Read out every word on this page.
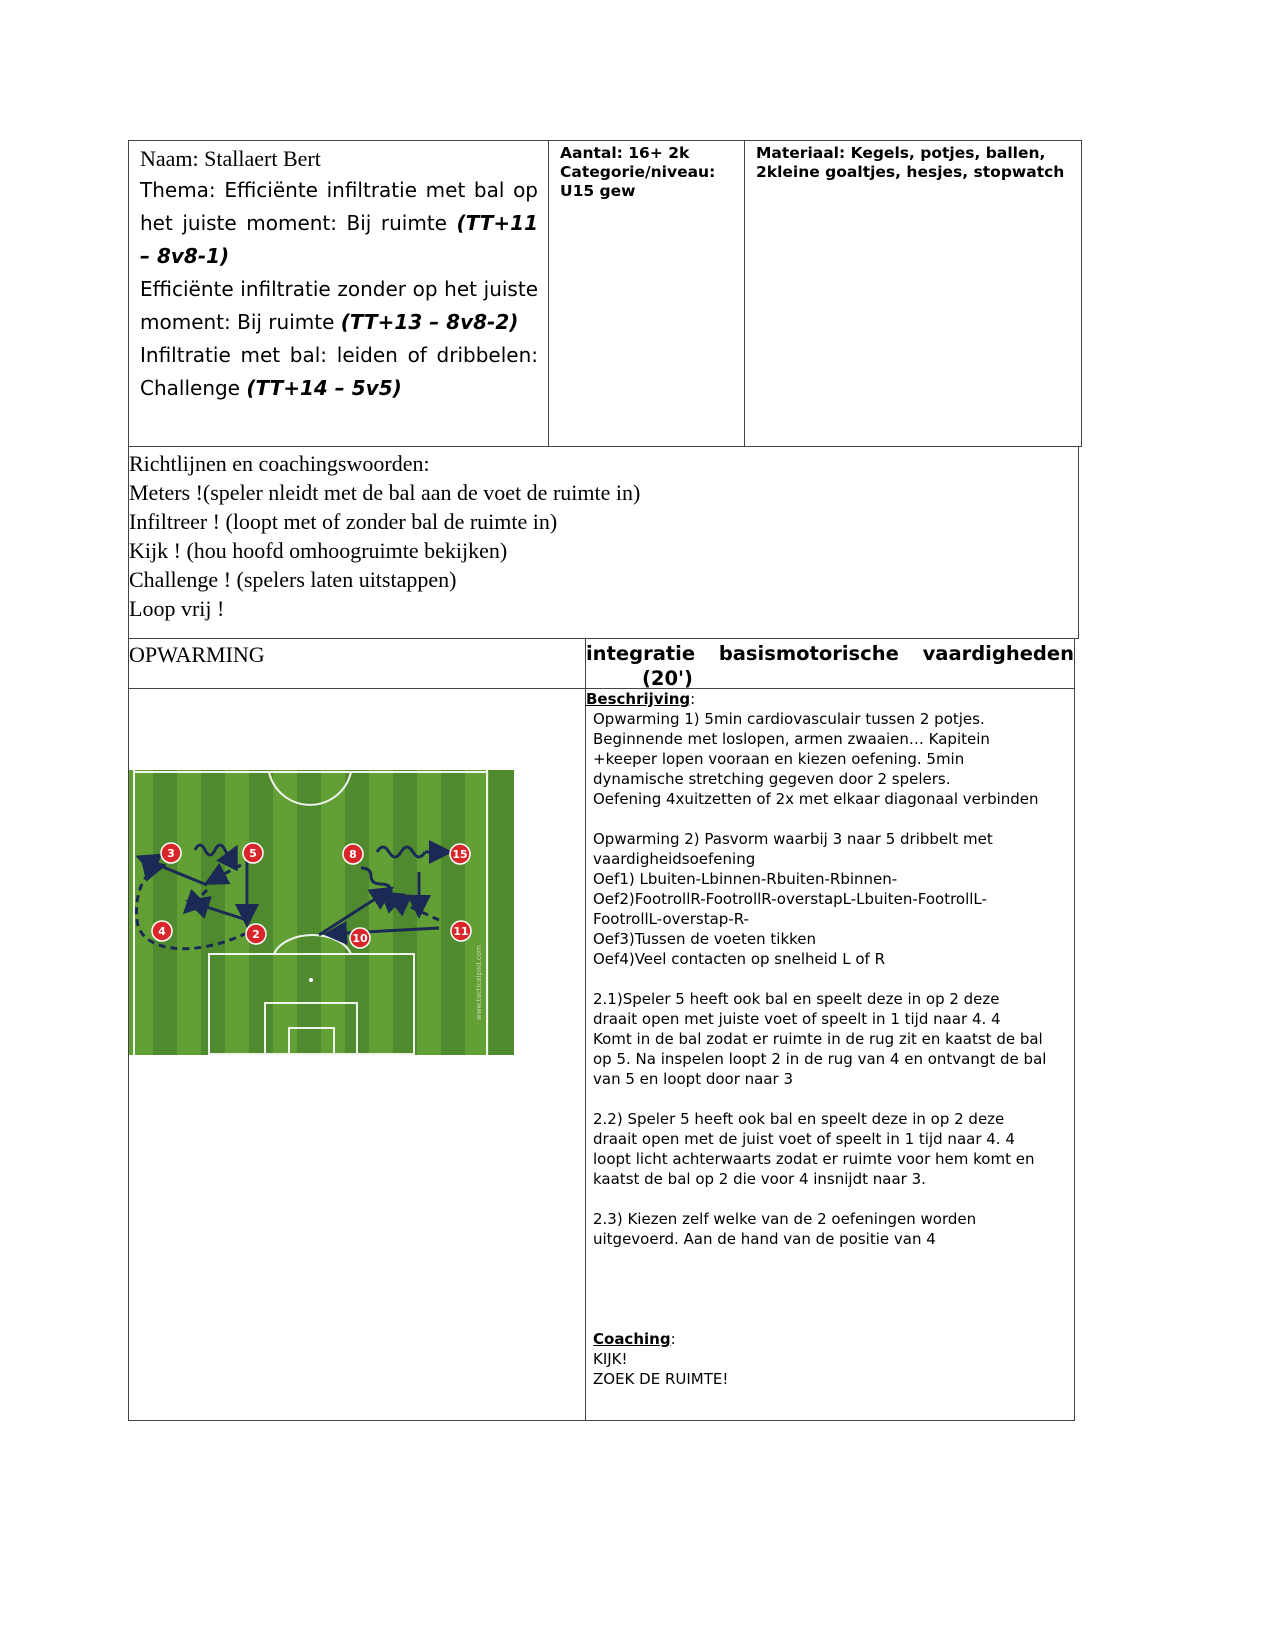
Naam: Stallaert Bert
Thema: Efficiënte infiltratie met bal op het juiste moment: Bij ruimte (TT+11 – 8v8-1)
Efficiënte infiltratie zonder op het juiste moment: Bij ruimte (TT+13 – 8v8-2)
Infiltratie met bal: leiden of dribbelen: Challenge (TT+14 – 5v5)
Aantal: 16+ 2k
Categorie/niveau:
U15 gew
Materiaal: Kegels, potjes, ballen, 2kleine goaltjes, hesjes, stopwatch
Richtlijnen en coachingswoorden:
Meters !(speler nleidt met de bal aan de voet de ruimte in)
Infiltreer ! (loopt met of zonder bal de ruimte in)
Kijk ! (hou hoofd omhoogruimte bekijken)
Challenge ! (spelers laten uitstappen)
Loop vrij !
OPWARMING	integratie basismotorische vaardigheden
(20')
3	5	8	15
4	2	10
11
www.tacticalpad.com
Beschrijving:
Opwarming 1) 5min cardiovasculair tussen 2 potjes.
Beginnende met loslopen, armen zwaaien… Kapitein
+keeper lopen vooraan en kiezen oefening. 5min
dynamische stretching gegeven door 2 spelers.
Oefening 4xuitzetten of 2x met elkaar diagonaal verbinden
Opwarming 2) Pasvorm waarbij 3 naar 5 dribbelt met
vaardigheidsoefening
Oef1) Lbuiten-Lbinnen-Rbuiten-Rbinnen-
Oef2)FootrollR-FootrollR-overstapL-Lbuiten-FootrollL-
FootrollL-overstap-R-
Oef3)Tussen de voeten tikken
Oef4)Veel contacten op snelheid L of R
2.1)Speler 5 heeft ook bal en speelt deze in op 2 deze
draait open met juiste voet of speelt in 1 tijd naar 4. 4
Komt in de bal zodat er ruimte in de rug zit en kaatst de bal
op 5. Na inspelen loopt 2 in de rug van 4 en ontvangt de bal
van 5 en loopt door naar 3
2.2) Speler 5 heeft ook bal en speelt deze in op 2 deze
draait open met de juist voet of speelt in 1 tijd naar 4. 4
loopt licht achterwaarts zodat er ruimte voor hem komt en
kaatst de bal op 2 die voor 4 insnijdt naar 3.
2.3) Kiezen zelf welke van de 2 oefeningen worden
uitgevoerd. Aan de hand van de positie van 4
Coaching:
KIJK!
ZOEK DE RUIMTE!
